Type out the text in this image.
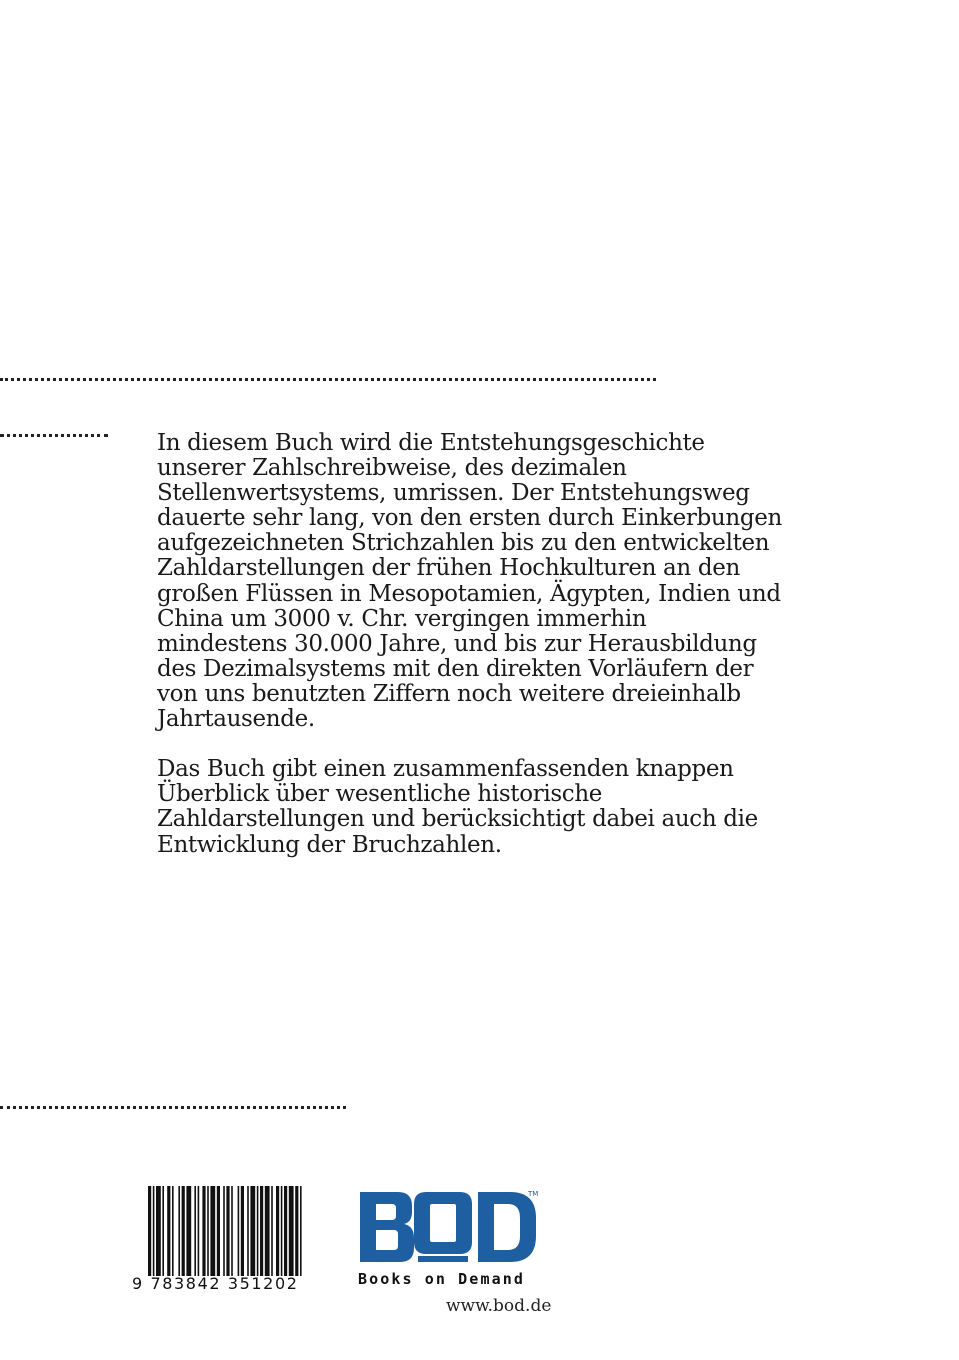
In diesem Buch wird die Entstehungsgeschichte
unserer Zahlschreibweise, des dezimalen
Stellenwertsystems, umrissen. Der Entstehungsweg
dauerte sehr lang, von den ersten durch Einkerbungen
aufgezeichneten Strichzahlen bis zu den entwickelten
Zahldarstellungen der frühen Hochkulturen an den
großen Flüssen in Mesopotamien, Ägypten, Indien und
China um 3000 v. Chr. vergingen immerhin
mindestens 30.000 Jahre, und bis zur Herausbildung
des Dezimalsystems mit den direkten Vorläufern der
von uns benutzten Ziffern noch weitere dreieinhalb
Jahrtausende.

Das Buch gibt einen zusammenfassenden knappen
Überblick über wesentliche historische
Zahldarstellungen und berücksichtigt dabei auch die
Entwicklung der Bruchzahlen.

9 783842 351202
TM
Books on Demand
www.bod.de
